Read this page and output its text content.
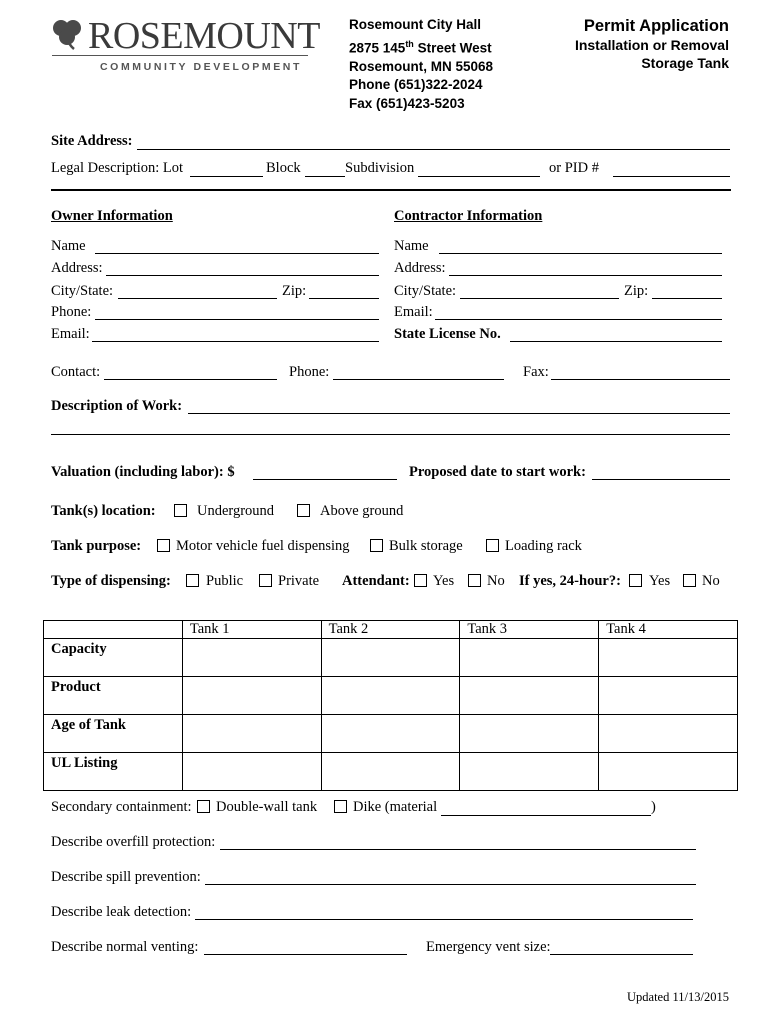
ROSEMOUNT
COMMUNITY DEVELOPMENT
Rosemount City Hall
2875 145th Street West
Rosemount, MN 55068
Phone (651)322-2024
Fax (651)423-5203
Permit Application
Installation or Removal
Storage Tank
Site Address:
Legal Description: Lot	Block	Subdivision	or PID #
Owner Information
Name
Address:
City/State:	Zip:
Phone:
Email:
Contractor Information
Name
Address:
City/State:	Zip:
Email:
State License No.
Contact:	Phone:	Fax:
Description of Work:
Valuation (including labor): $	Proposed date to start work:
Tank(s) location:	Underground	Above ground
Tank purpose: Motor vehicle fuel dispensing	Bulk storage	Loading rack
Type of dispensing: Public Private Attendant: Yes No If yes, 24-hour?: Yes No
	Tank 1	Tank 2	Tank 3	Tank 4
Capacity				
Product				
Age of Tank				
UL Listing				
Secondary containment: Double-wall tank Dike (material	)
Describe overfill protection:
Describe spill prevention:
Describe leak detection:
Describe normal venting:	Emergency vent size:
Updated 11/13/2015
